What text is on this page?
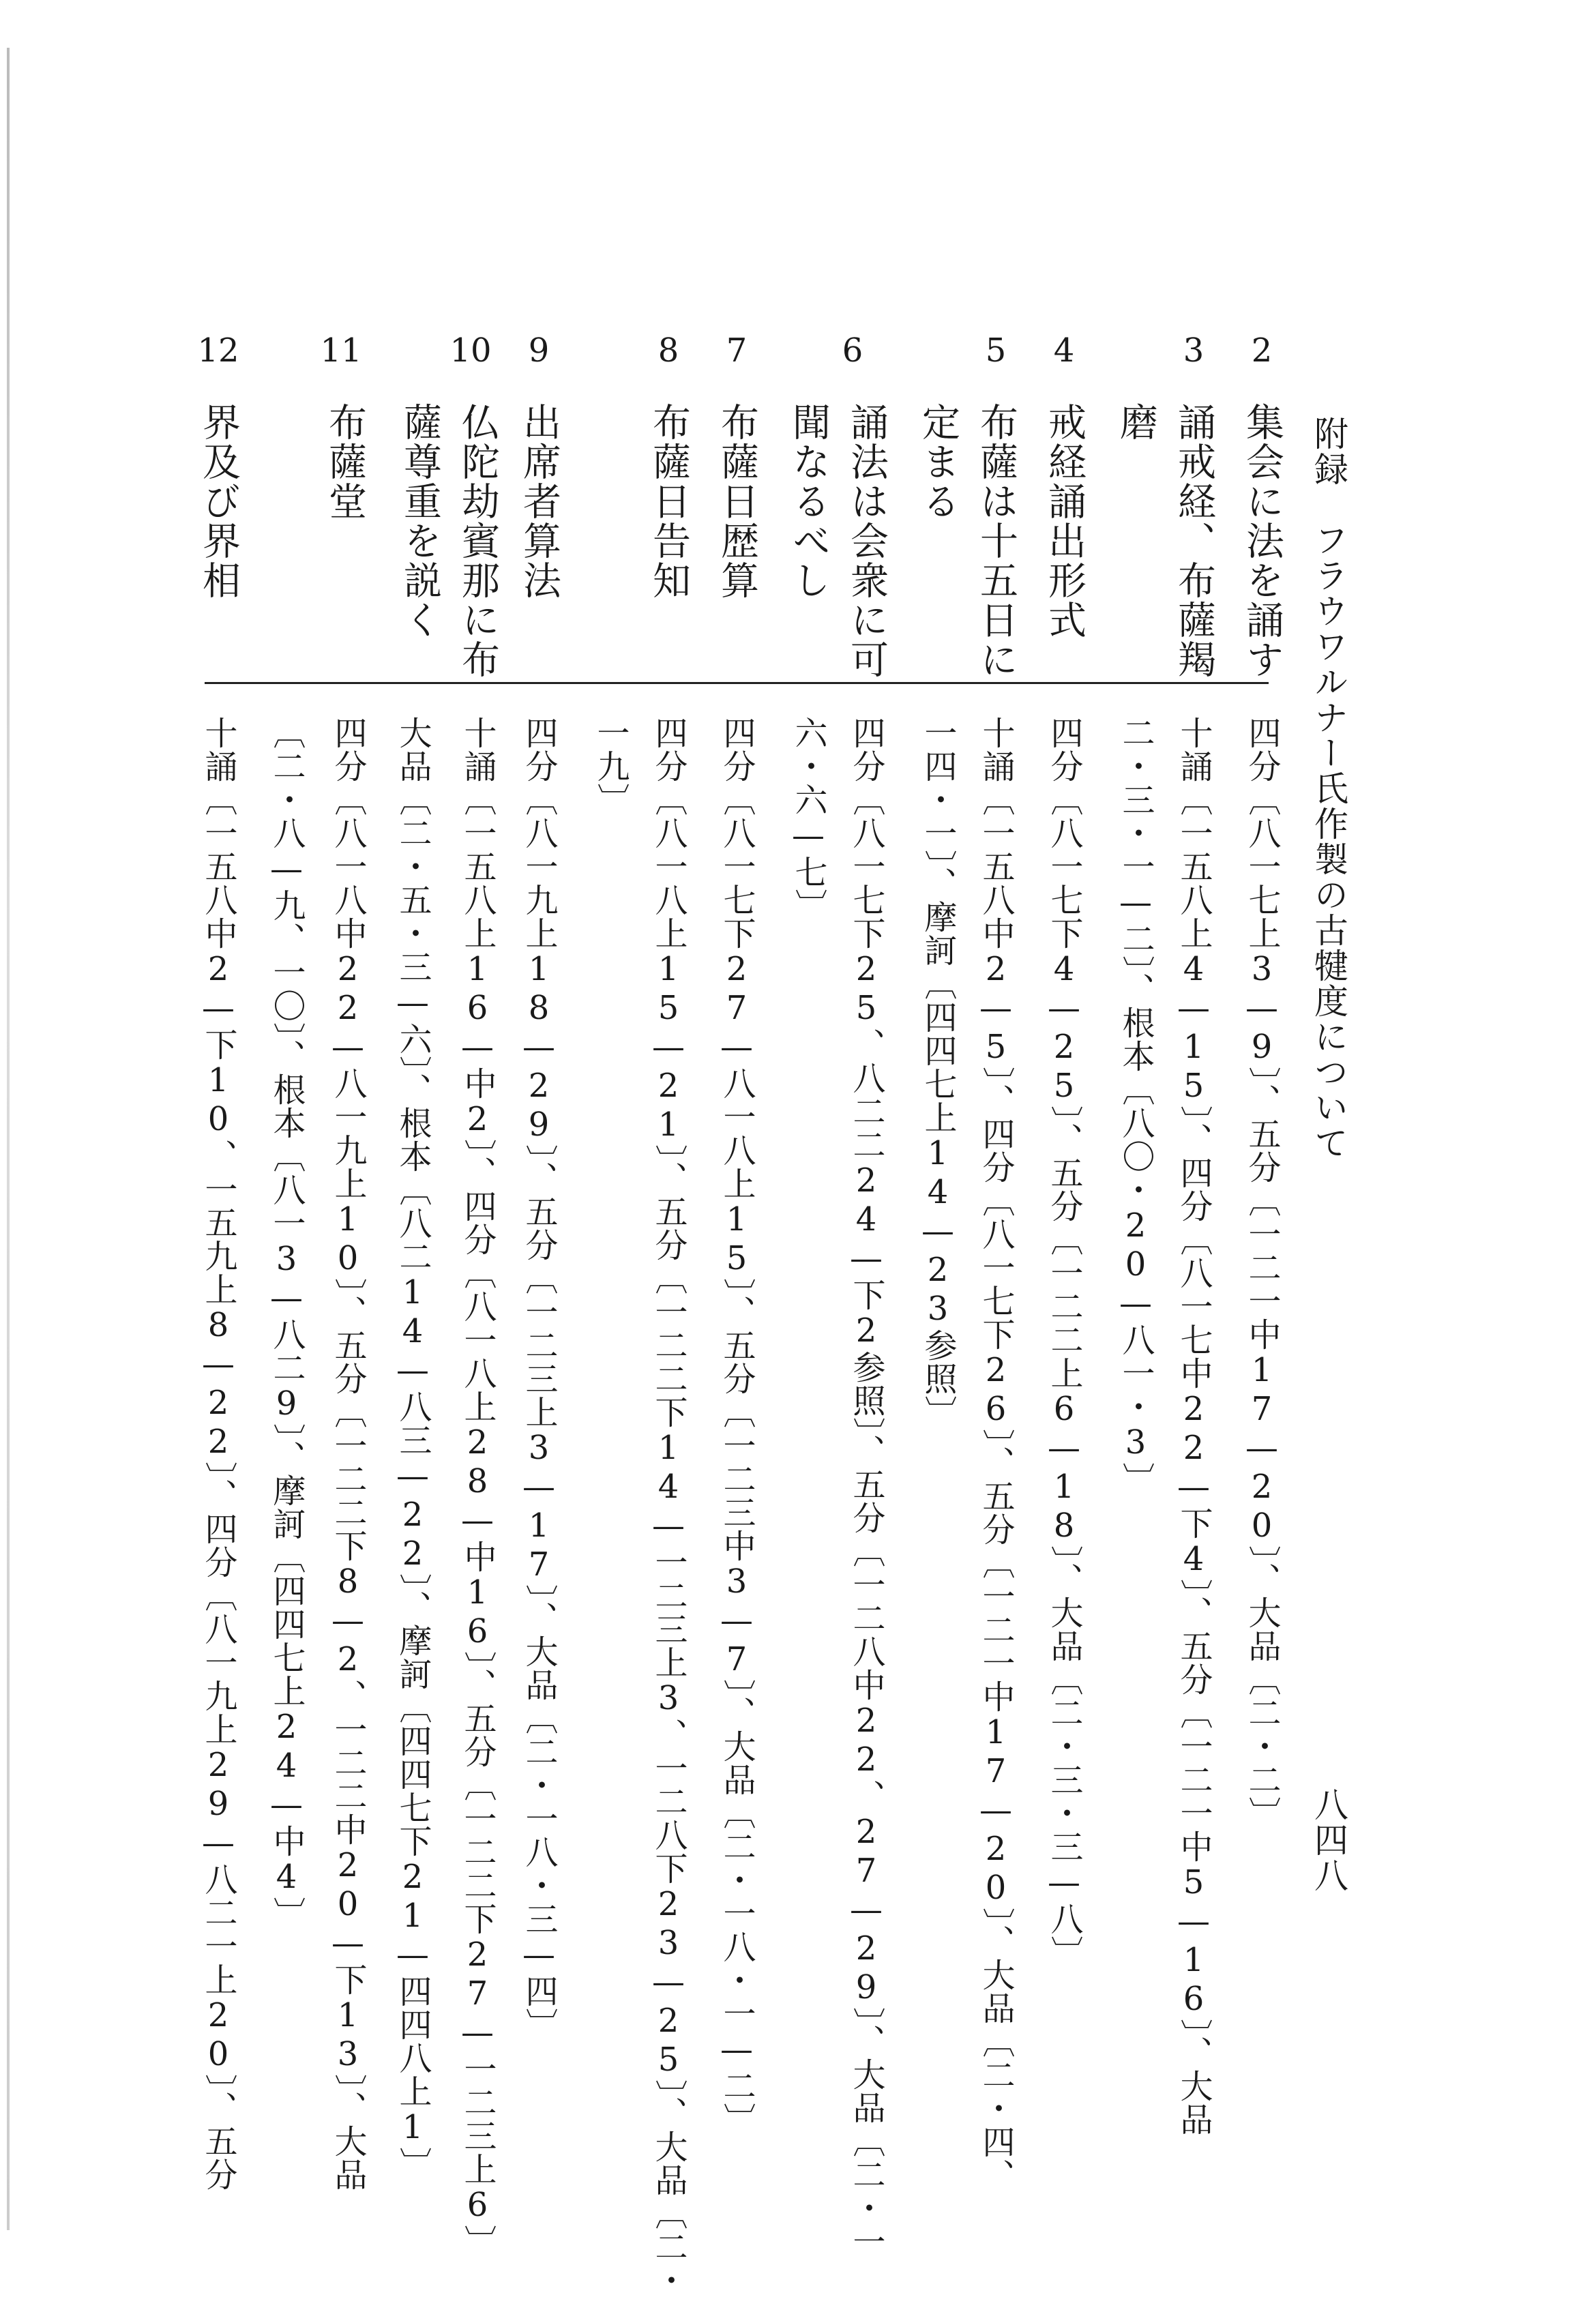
附録　フラウワルナー氏作製の古犍度について
八四八
2
集会に法を誦す
四分〔八一七上3—9〕、五分〔一二一中17—20〕、大品〔二・二〕
3
誦戒経、布薩羯
磨
十誦〔一五八上4—15〕、四分〔八一七中22—下4〕、五分〔一二一中5—16〕、大品
二・三・一—二〕、根本〔八〇・20—八一・3〕
4
戒経誦出形式
四分〔八一七下4—25〕、五分〔一二二上6—18〕、大品〔二・三・三—八〕
5
布薩は十五日に
定まる
十誦〔一五八中2—5〕、四分〔八一七下26〕、五分〔一二一中17—20〕、大品〔二・四、
一四・一〕、摩訶〔四四七上14—23参照〕
6
誦法は会衆に可
聞なるべし
四分〔八一七下25、八二二24—下2参照〕、五分〔一二八中22、27—29〕、大品〔二・一
六・六—七〕
7
布薩日歴算
四分〔八一七下27—八一八上15〕、五分〔一二三中3—7〕、大品〔二・一八・一—二〕
8
布薩日告知
四分〔八一八上15—21〕、五分〔一二二下14—一二三上3、一二八下23—25〕、大品〔二・
一九〕
9
出席者算法
四分〔八一九上18—29〕、五分〔一二三上3—17〕、大品〔二・一八・三—四〕
10
仏陀劫賓那に布
薩尊重を説く
十誦〔一五八上16—中2〕、四分〔八一八上28—中16〕、五分〔一二二下27—一二三上6〕
大品〔二・五・三—六〕、根本〔八二14—八三—22〕、摩訶〔四四七下21—四四八上1〕
11
布薩堂
四分〔八一八中22—八一九上10〕、五分〔一二二下8—2、一二二中20—下13〕、大品
〔二・八—九、一〇〕、根本〔八一3—八二9〕、摩訶〔四四七上24—中4〕
12
界及び界相
十誦〔一五八中2—下10、一五九上8—22〕、四分〔八一九上29—八二一上20〕、五分
